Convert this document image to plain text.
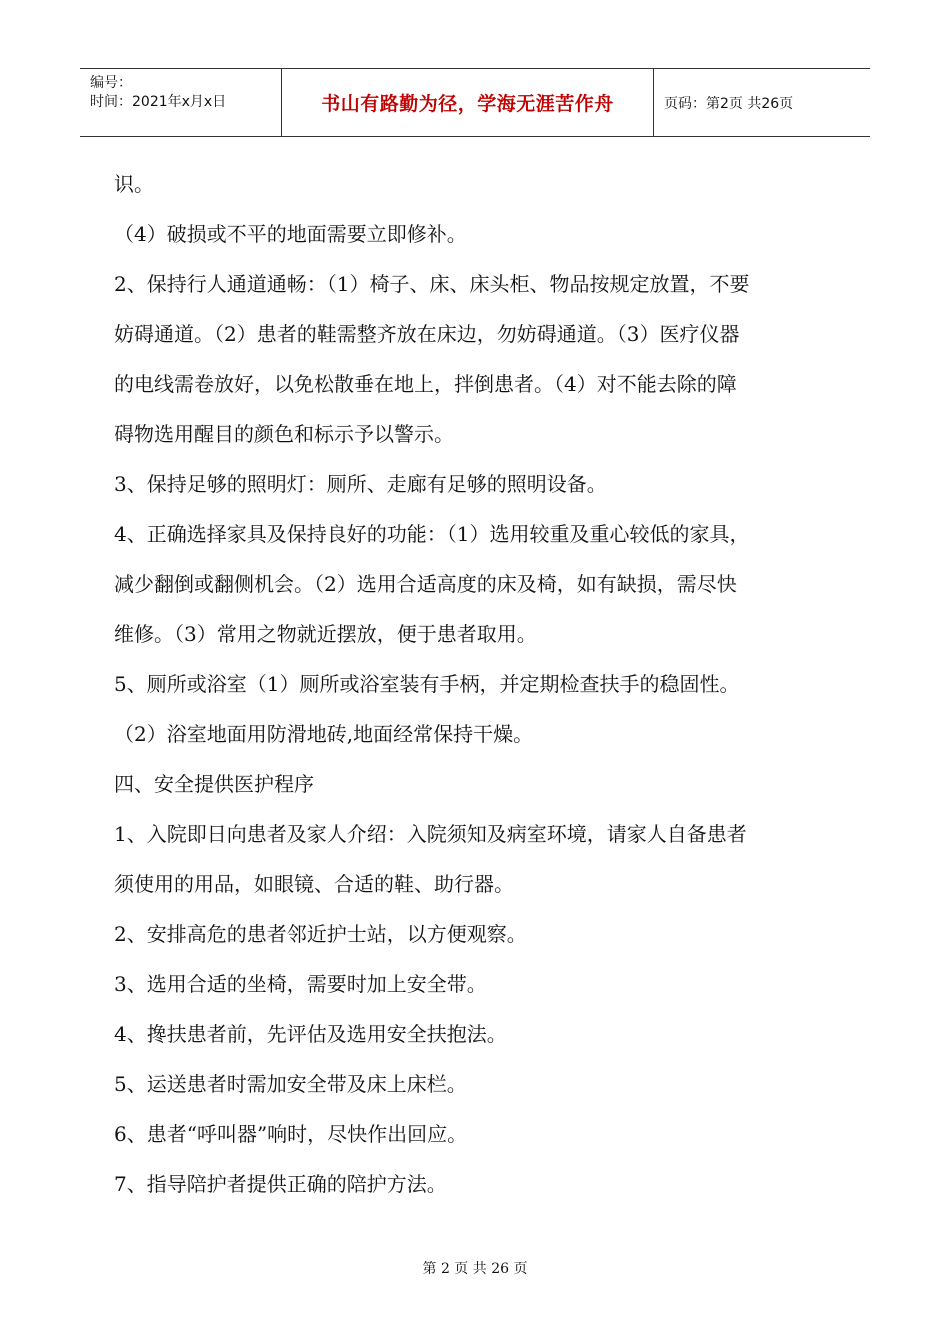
编号：
时间：2021年x月x日	书山有路勤为径，学海无涯苦作舟	页码：第2页 共26页
识。
（4）破损或不平的地面需要立即修补。
2、保持行人通道通畅：（1）椅子、床、床头柜、物品按规定放置，不要
妨碍通道。（2）患者的鞋需整齐放在床边，勿妨碍通道。（3）医疗仪器
的电线需卷放好，以免松散垂在地上，拌倒患者。（4）对不能去除的障
碍物选用醒目的颜色和标示予以警示。
3、保持足够的照明灯：厕所、走廊有足够的照明设备。
4、正确选择家具及保持良好的功能：（1）选用较重及重心较低的家具，
减少翻倒或翻侧机会。（2）选用合适高度的床及椅，如有缺损，需尽快
维修。（3）常用之物就近摆放，便于患者取用。
5、厕所或浴室（1）厕所或浴室装有手柄，并定期检查扶手的稳固性。
（2）浴室地面用防滑地砖,地面经常保持干燥。
四、安全提供医护程序
1、入院即日向患者及家人介绍：入院须知及病室环境，请家人自备患者
须使用的用品，如眼镜、合适的鞋、助行器。
2、安排高危的患者邻近护士站，以方便观察。
3、选用合适的坐椅，需要时加上安全带。
4、搀扶患者前，先评估及选用安全扶抱法。
5、运送患者时需加安全带及床上床栏。
6、患者“呼叫器”响时，尽快作出回应。
7、指导陪护者提供正确的陪护方法。
第 2 页 共 26 页
